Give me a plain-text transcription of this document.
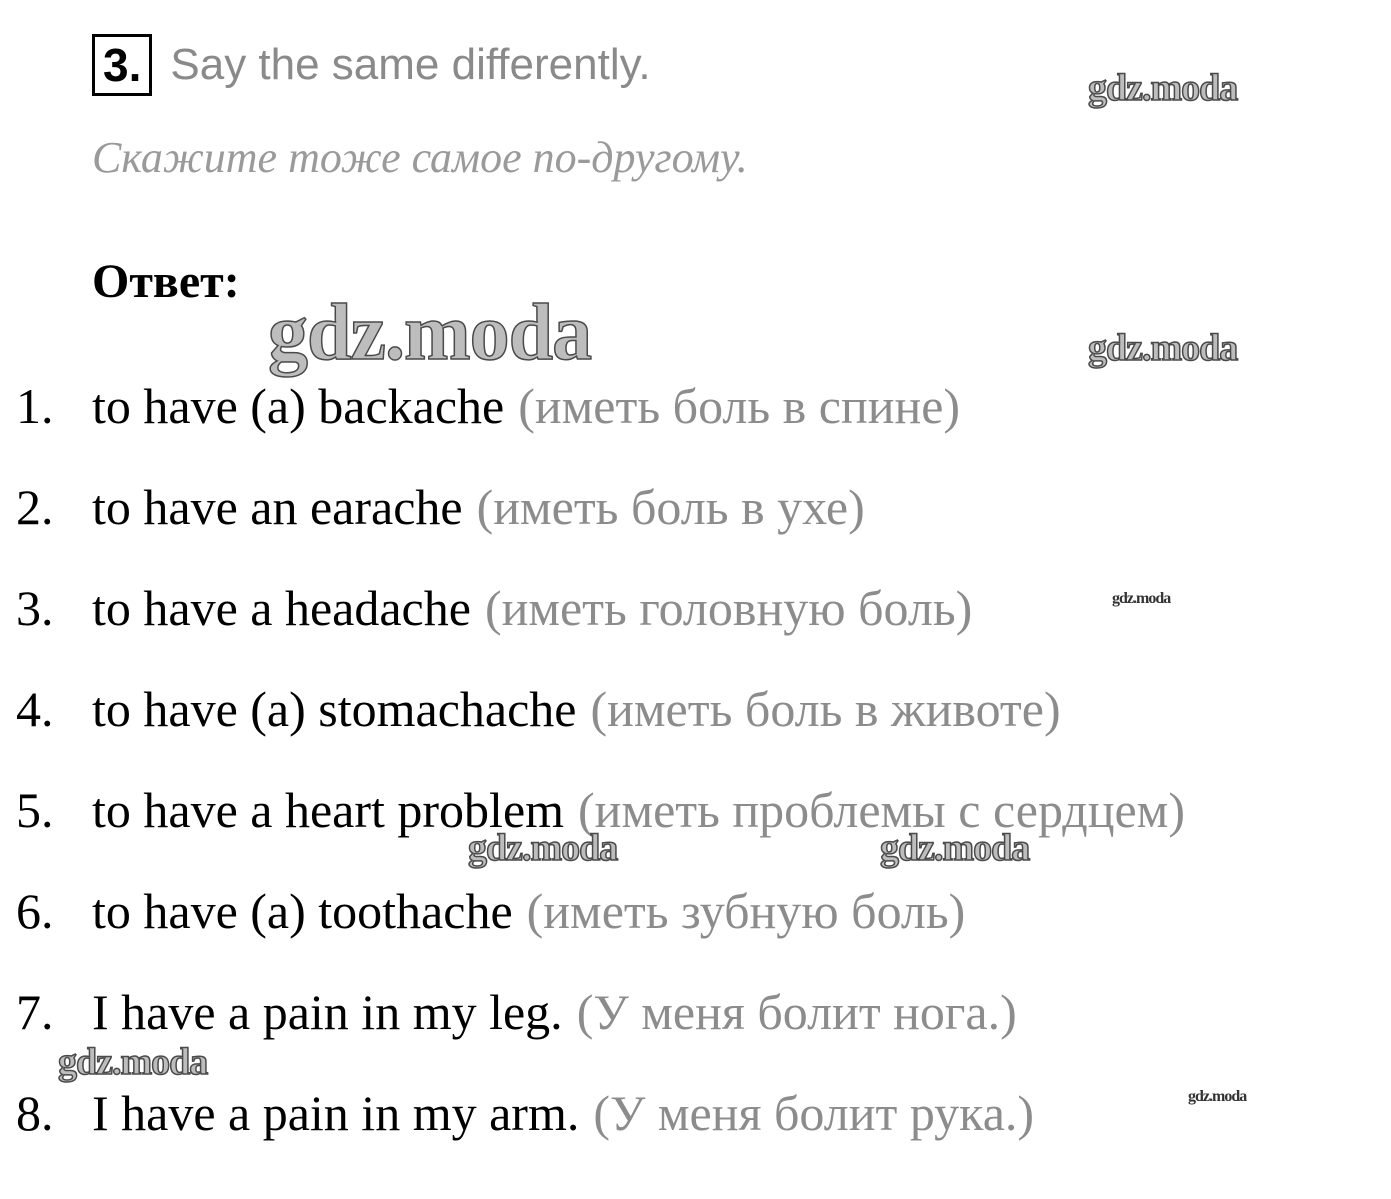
3. Say the same differently.
Скажите тоже самое по-другому.
Ответ:
1. to have (a) backache (иметь боль в спине)
2. to have an earache (иметь боль в ухе)
3. to have a headache (иметь головную боль)
4. to have (a) stomachache (иметь боль в животе)
5. to have a heart problem (иметь проблемы с сердцем)
6. to have (a) toothache (иметь зубную боль)
7. I have a pain in my leg. (У меня болит нога.)
8. I have a pain in my arm. (У меня болит рука.)
gdz.moda
gdz.moda	gdz.moda
gdz.moda
gdz.moda	gdz.moda
gdz.moda
gdz.moda
